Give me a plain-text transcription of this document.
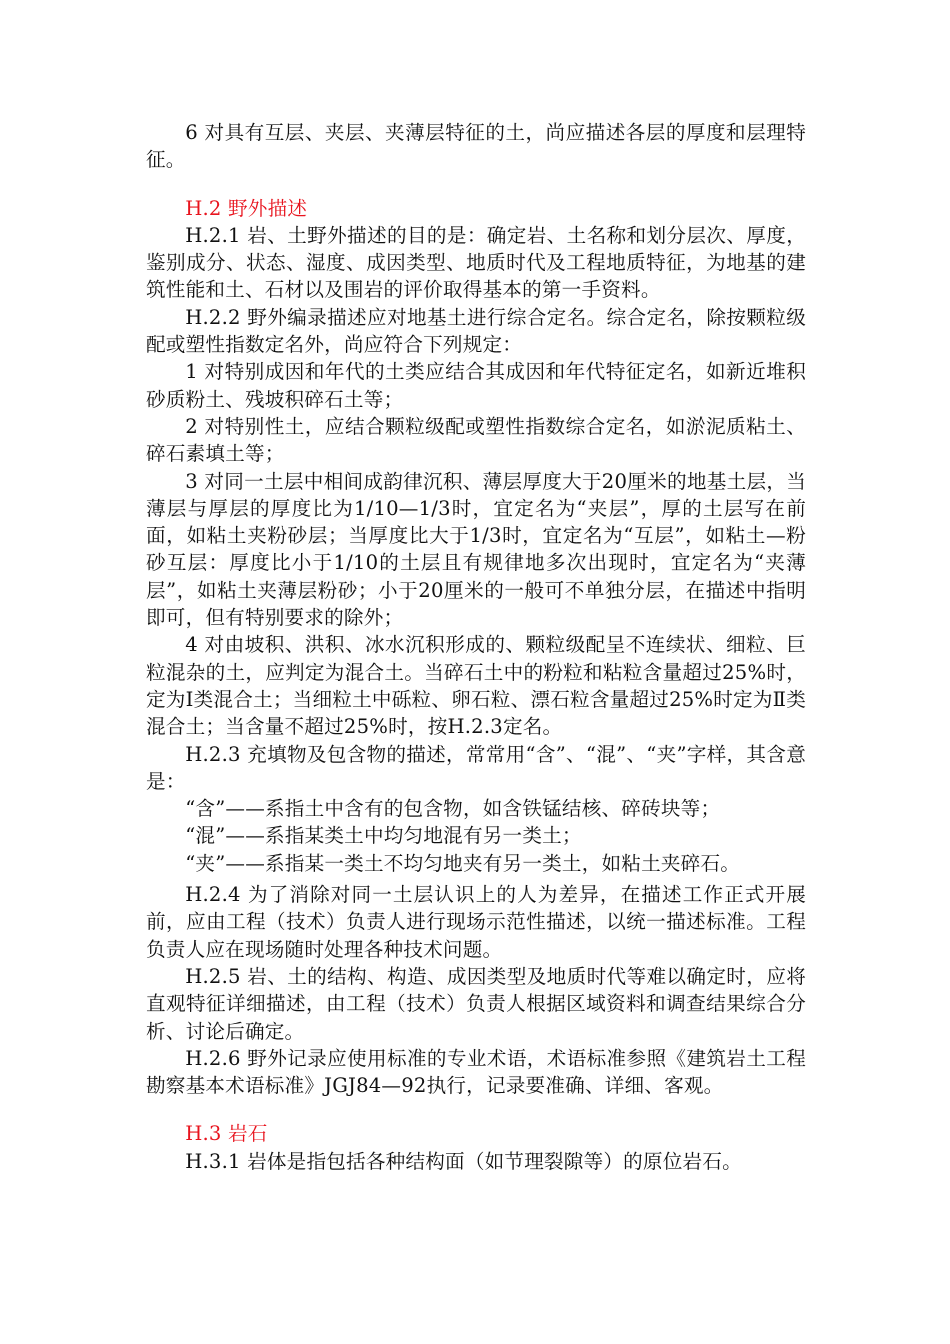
6 对具有互层、夹层、夹薄层特征的土，尚应描述各层的厚度和层理特征。

H.2 野外描述

H.2.1 岩、土野外描述的目的是：确定岩、土名称和划分层次、厚度，鉴别成分、状态、湿度、成因类型、地质时代及工程地质特征，为地基的建筑性能和土、石材以及围岩的评价取得基本的第一手资料。

H.2.2 野外编录描述应对地基土进行综合定名。综合定名，除按颗粒级配或塑性指数定名外，尚应符合下列规定：

1 对特别成因和年代的土类应结合其成因和年代特征定名，如新近堆积砂质粉土、残坡积碎石土等；

2 对特别性土，应结合颗粒级配或塑性指数综合定名，如淤泥质粘土、碎石素填土等；

3 对同一土层中相间成韵律沉积、薄层厚度大于20厘米的地基土层，当薄层与厚层的厚度比为1/10—1/3时，宜定名为“夹层”，厚的土层写在前面，如粘土夹粉砂层；当厚度比大于1/3时，宜定名为“互层”，如粘土—粉砂互层：厚度比小于1/10的土层且有规律地多次出现时，宜定名为“夹薄层”，如粘土夹薄层粉砂；小于20厘米的一般可不单独分层，在描述中指明即可，但有特别要求的除外；

4 对由坡积、洪积、冰水沉积形成的、颗粒级配呈不连续状、细粒、巨粒混杂的土，应判定为混合土。当碎石土中的粉粒和粘粒含量超过25%时，定为Ⅰ类混合土；当细粒土中砾粒、卵石粒、漂石粒含量超过25%时定为Ⅱ类混合土；当含量不超过25%时，按H.2.3定名。

H.2.3 充填物及包含物的描述，常常用“含”、“混”、“夹”字样，其含意是：

“含”——系指土中含有的包含物，如含铁锰结核、碎砖块等；

“混”——系指某类土中均匀地混有另一类土；

“夹”——系指某一类土不均匀地夹有另一类土，如粘土夹碎石。

H.2.4 为了消除对同一土层认识上的人为差异，在描述工作正式开展前，应由工程（技术）负责人进行现场示范性描述，以统一描述标准。工程负责人应在现场随时处理各种技术问题。

H.2.5 岩、土的结构、构造、成因类型及地质时代等难以确定时，应将直观特征详细描述，由工程（技术）负责人根据区域资料和调查结果综合分析、讨论后确定。

H.2.6 野外记录应使用标准的专业术语，术语标准参照《建筑岩土工程勘察基本术语标准》JGJ84—92执行，记录要准确、详细、客观。

H.3 岩石

H.3.1 岩体是指包括各种结构面（如节理裂隙等）的原位岩石。
